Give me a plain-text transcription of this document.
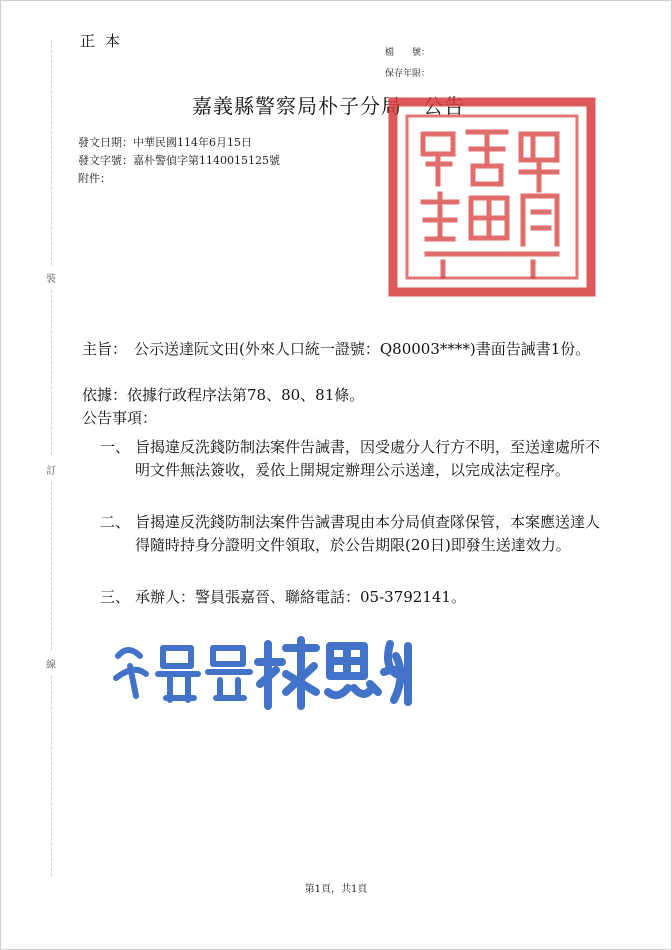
正本
檔　　號：
保存年限：
嘉義縣警察局朴子分局　公告
發文日期：中華民國114年6月15日
發文字號：嘉朴警偵字第1140015125號
附件：
裝
訂
線
主旨： 公示送達阮文田(外來人口統一證號：Q80003****)書面告誡書1份。
依據：依據行政程序法第78、80、81條。
公告事項：
一、 旨揭違反洗錢防制法案件告誡書，因受處分人行方不明，至送達處所不明文件無法簽收，爰依上開規定辦理公示送達，以完成法定程序。
二、 旨揭違反洗錢防制法案件告誡書現由本分局偵查隊保管，本案應送達人得隨時持身分證明文件領取，於公告期限(20日)即發生送達效力。
三、 承辦人：警員張嘉晉、聯絡電話：05-3792141。
第1頁，共1頁
